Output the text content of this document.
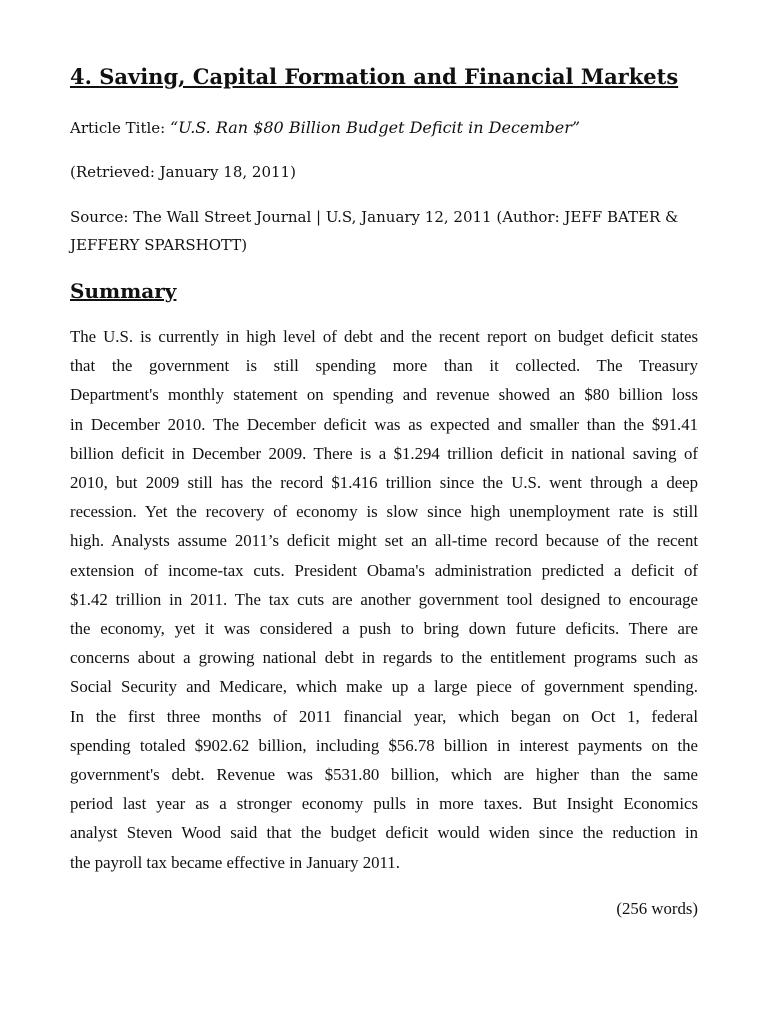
4. Saving, Capital Formation and Financial Markets

Article Title: “U.S. Ran $80 Billion Budget Deficit in December”

(Retrieved: January 18, 2011)

Source: The Wall Street Journal | U.S, January 12, 2011 (Author: JEFF BATER &
JEFFERY SPARSHOTT)
Summary
The U.S. is currently in high level of debt and the recent report on budget deficit states
that the government is still spending more than it collected. The Treasury
Department's monthly statement on spending and revenue showed an $80 billion loss
in December 2010. The December deficit was as expected and smaller than the $91.41
billion deficit in December 2009. There is a $1.294 trillion deficit in national saving of
2010, but 2009 still has the record $1.416 trillion since the U.S. went through a deep
recession. Yet the recovery of economy is slow since high unemployment rate is still
high. Analysts assume 2011’s deficit might set an all-time record because of the recent
extension of income-tax cuts. President Obama's administration predicted a deficit of
$1.42 trillion in 2011. The tax cuts are another government tool designed to encourage
the economy, yet it was considered a push to bring down future deficits. There are
concerns about a growing national debt in regards to the entitlement programs such as
Social Security and Medicare, which make up a large piece of government spending.
In the first three months of 2011 financial year, which began on Oct 1, federal
spending totaled $902.62 billion, including $56.78 billion in interest payments on the
government's debt. Revenue was $531.80 billion, which are higher than the same
period last year as a stronger economy pulls in more taxes. But Insight Economics
analyst Steven Wood said that the budget deficit would widen since the reduction in
the payroll tax became effective in January 2011.

(256 words)
